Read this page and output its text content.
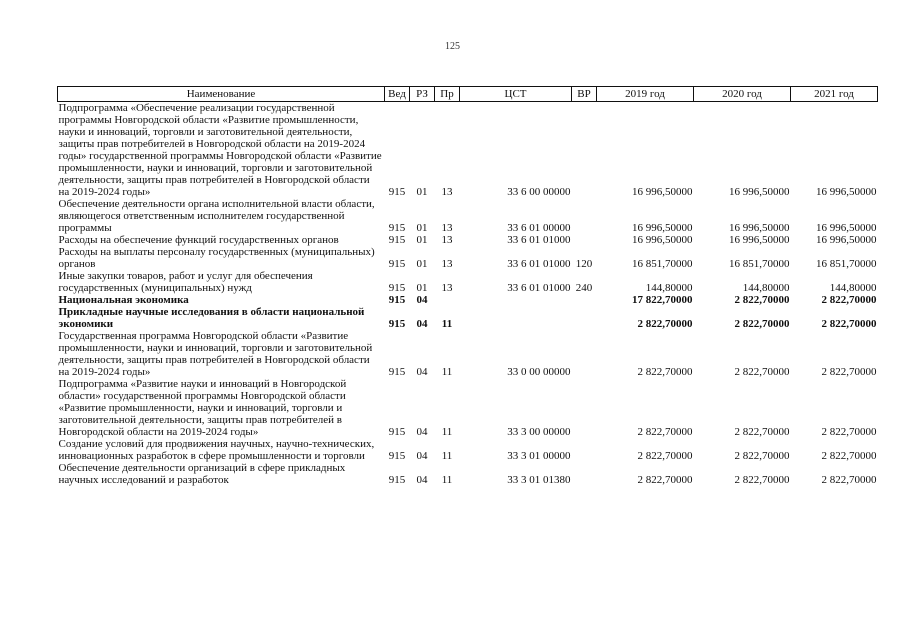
125
Наименование	Вед	РЗ	Пр	ЦСТ	ВР	2019 год	2020 год	2021 год
Подпрограмма «Обеспечение реализации государственной программы Новгородской области «Развитие промышленности, науки и инноваций, торговли и заготовительной деятельности, защиты прав потребителей в Новгородской области на 2019-2024 годы» государственной программы Новгородской области «Развитие промышленности, науки и инноваций, торговли и заготовительной деятельности, защиты прав потребителей в Новгородской области на 2019-2024 годы»	915	01	13	33 6 00 00000		16 996,50000	16 996,50000	16 996,50000
Обеспечение деятельности органа исполнительной власти области, являющегося ответственным исполнителем государственной программы	915	01	13	33 6 01 00000		16 996,50000	16 996,50000	16 996,50000
Расходы на обеспечение функций государственных органов	915	01	13	33 6 01 01000		16 996,50000	16 996,50000	16 996,50000
Расходы на выплаты персоналу государственных (муниципальных) органов	915	01	13	33 6 01 01000	120	16 851,70000	16 851,70000	16 851,70000
Иные закупки товаров, работ и услуг для обеспечения государственных (муниципальных) нужд	915	01	13	33 6 01 01000	240	144,80000	144,80000	144,80000
Национальная экономика	915	04				17 822,70000	2 822,70000	2 822,70000
Прикладные научные исследования в области национальной экономики	915	04	11			2 822,70000	2 822,70000	2 822,70000
Государственная программа Новгородской области «Развитие промышленности, науки и инноваций, торговли и заготовительной деятельности, защиты прав потребителей в Новгородской области на 2019-2024 годы»	915	04	11	33 0 00 00000		2 822,70000	2 822,70000	2 822,70000
Подпрограмма «Развитие науки и инноваций в Новгородской области» государственной программы Новгородской области «Развитие промышленности, науки и инноваций, торговли и заготовительной деятельности, защиты прав потребителей в Новгородской области на 2019-2024 годы»	915	04	11	33 3 00 00000		2 822,70000	2 822,70000	2 822,70000
Создание условий для продвижения научных, научно-технических, инновационных разработок в сфере промышленности и торговли	915	04	11	33 3 01 00000		2 822,70000	2 822,70000	2 822,70000
Обеспечение деятельности организаций в сфере прикладных научных исследований и разработок	915	04	11	33 3 01 01380		2 822,70000	2 822,70000	2 822,70000
